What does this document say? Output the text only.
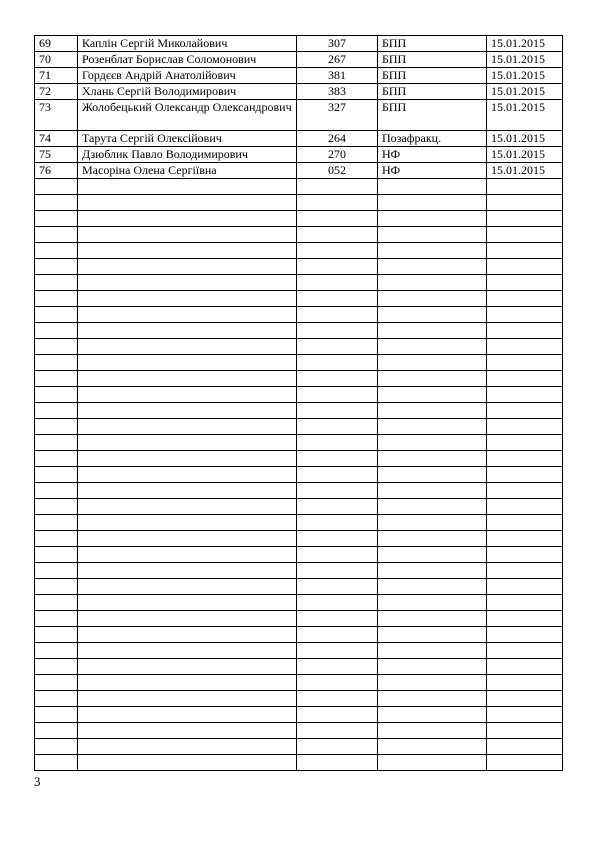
69	Каплін Сергій Миколайович	307	БПП	15.01.2015
70	Розенблат Борислав Соломонович	267	БПП	15.01.2015
71	Гордєєв Андрій Анатолійович	381	БПП	15.01.2015
72	Хлань Сергій Володимирович	383	БПП	15.01.2015
73	Жолобецький Олександр Олександрович	327	БПП	15.01.2015
74	Тарута Сергій Олексійович	264	Позафракц.	15.01.2015
75	Дзюблик Павло Володимирович	270	НФ	15.01.2015
76	Масоріна Олена Сергіївна	052	НФ	15.01.2015

3
